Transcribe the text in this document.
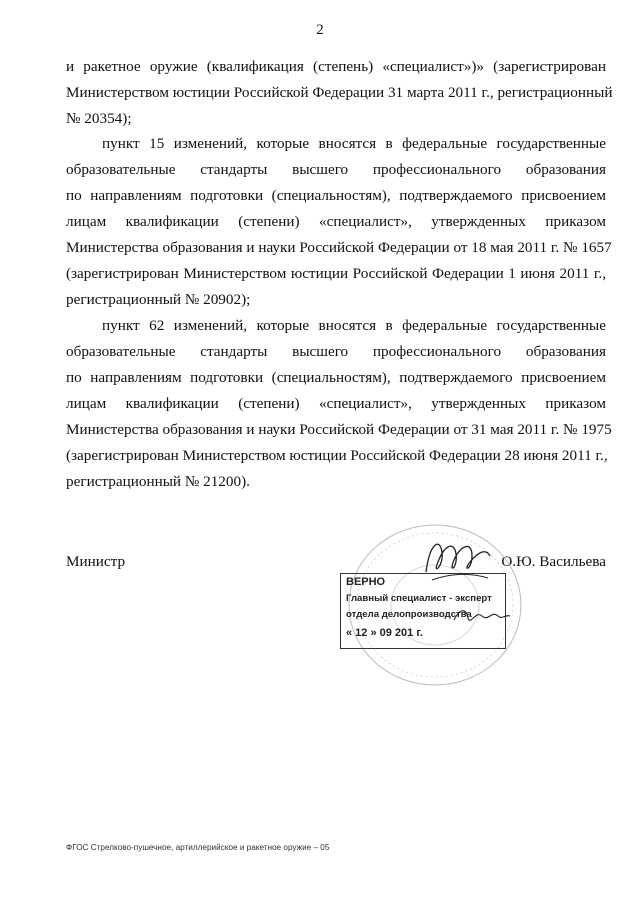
2
и ракетное оружие (квалификация (степень) «специалист»)» (зарегистрирован
Министерством юстиции Российской Федерации 31 марта 2011 г., регистрационный
№ 20354);
пункт 15 изменений, которые вносятся в федеральные государственные
образовательные стандарты высшего профессионального образования
по направлениям подготовки (специальностям), подтверждаемого присвоением
лицам квалификации (степени) «специалист», утвержденных приказом
Министерства образования и науки Российской Федерации от 18 мая 2011 г. № 1657
(зарегистрирован Министерством юстиции Российской Федерации 1 июня 2011 г.,
регистрационный № 20902);
пункт 62 изменений, которые вносятся в федеральные государственные
образовательные стандарты высшего профессионального образования
по направлениям подготовки (специальностям), подтверждаемого присвоением
лицам квалификации (степени) «специалист», утвержденных приказом
Министерства образования и науки Российской Федерации от 31 мая 2011 г. № 1975
(зарегистрирован Министерством юстиции Российской Федерации 28 июня 2011 г.,
регистрационный № 21200).
Министр	О.Ю. Васильева
ВЕРНО
Главный специалист - эксперт
отдела делопроизводства
« 12 » 09 201 г.
ФГОС Стрелково-пушечное, артиллерийское и ракетное оружие – 05
